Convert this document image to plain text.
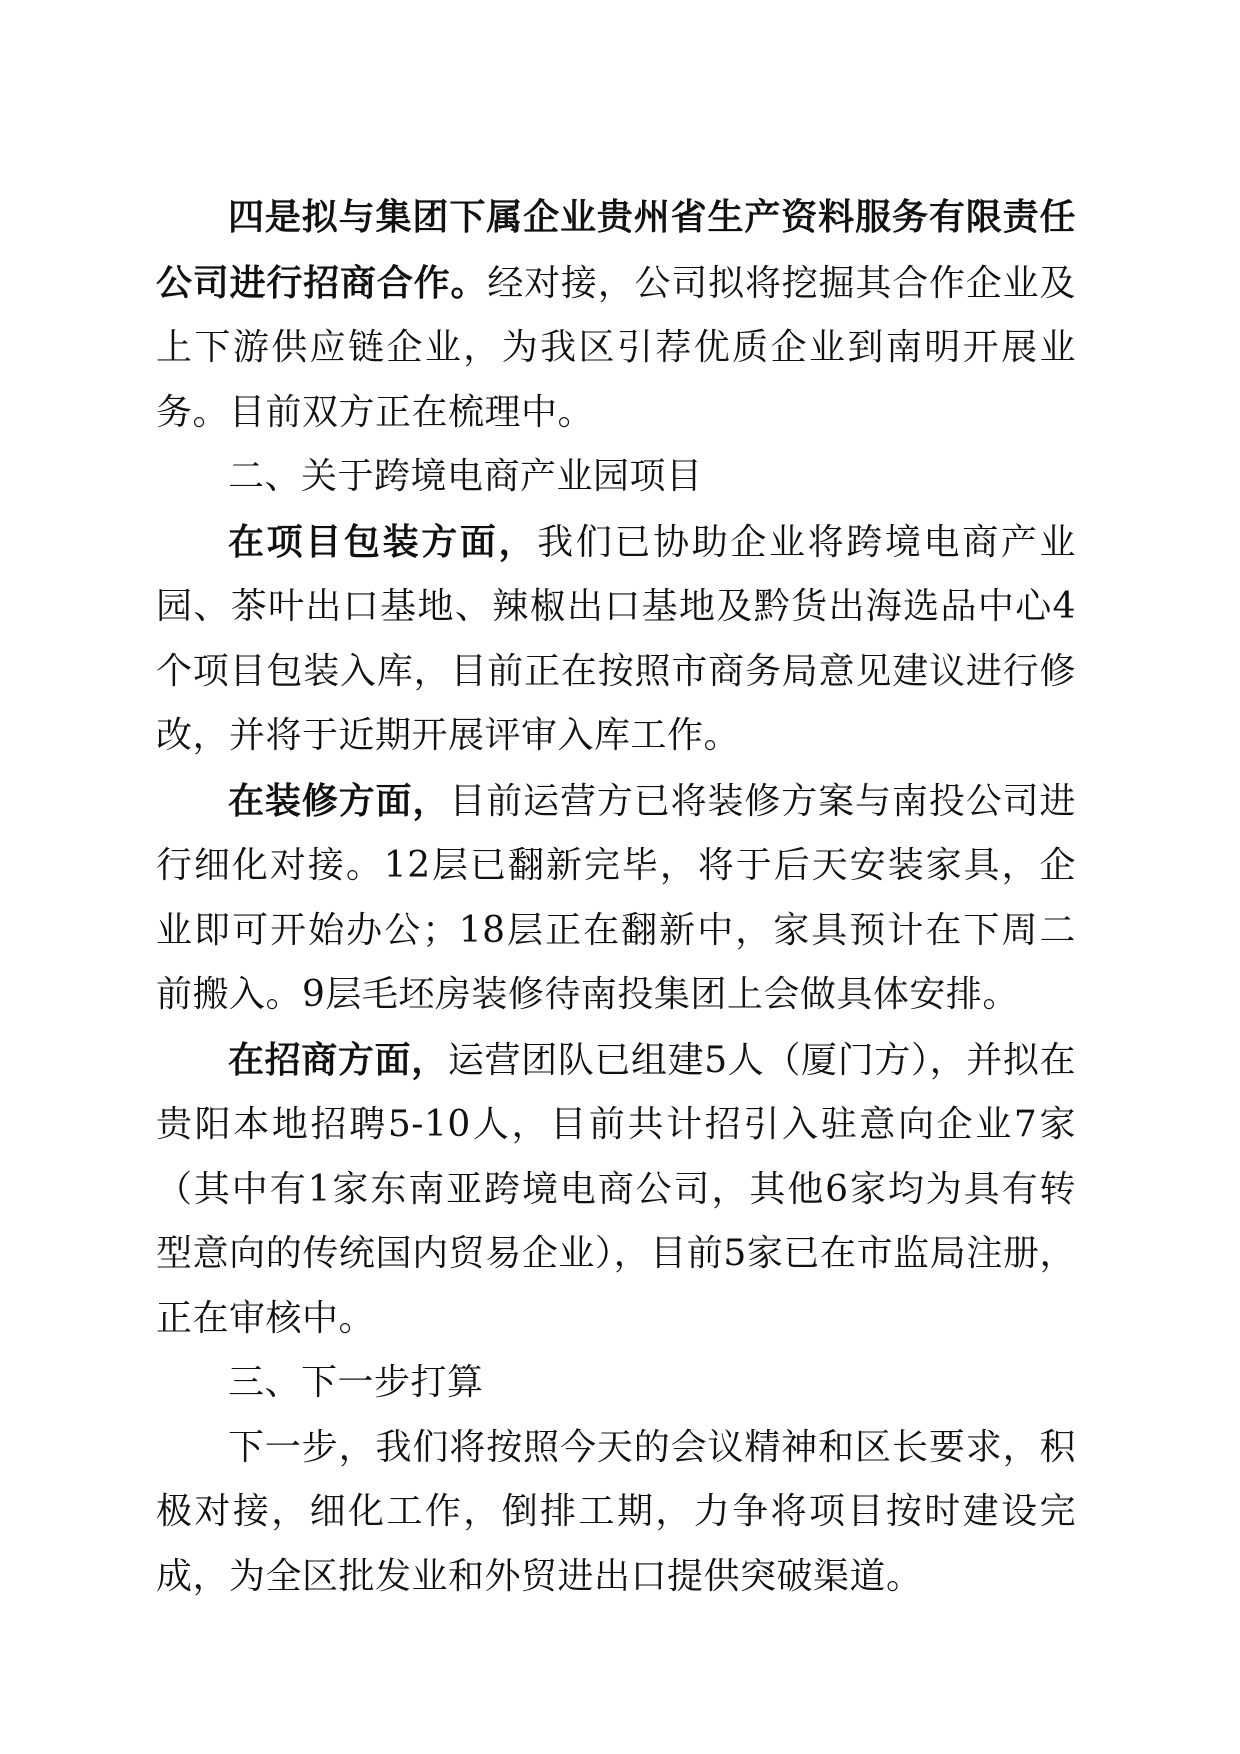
四是拟与集团下属企业贵州省生产资料服务有限责任公司进行招商合作。经对接，公司拟将挖掘其合作企业及上下游供应链企业，为我区引荐优质企业到南明开展业务。目前双方正在梳理中。

二、关于跨境电商产业园项目

在项目包装方面，我们已协助企业将跨境电商产业园、茶叶出口基地、辣椒出口基地及黔货出海选品中心4个项目包装入库，目前正在按照市商务局意见建议进行修改，并将于近期开展评审入库工作。

在装修方面，目前运营方已将装修方案与南投公司进行细化对接。12层已翻新完毕，将于后天安装家具，企业即可开始办公；18层正在翻新中，家具预计在下周二前搬入。9层毛坯房装修待南投集团上会做具体安排。

在招商方面，运营团队已组建5人（厦门方），并拟在贵阳本地招聘5-10人，目前共计招引入驻意向企业7家（其中有1家东南亚跨境电商公司，其他6家均为具有转型意向的传统国内贸易企业），目前5家已在市监局注册，正在审核中。

三、下一步打算

下一步，我们将按照今天的会议精神和区长要求，积极对接，细化工作，倒排工期，力争将项目按时建设完成，为全区批发业和外贸进出口提供突破渠道。
